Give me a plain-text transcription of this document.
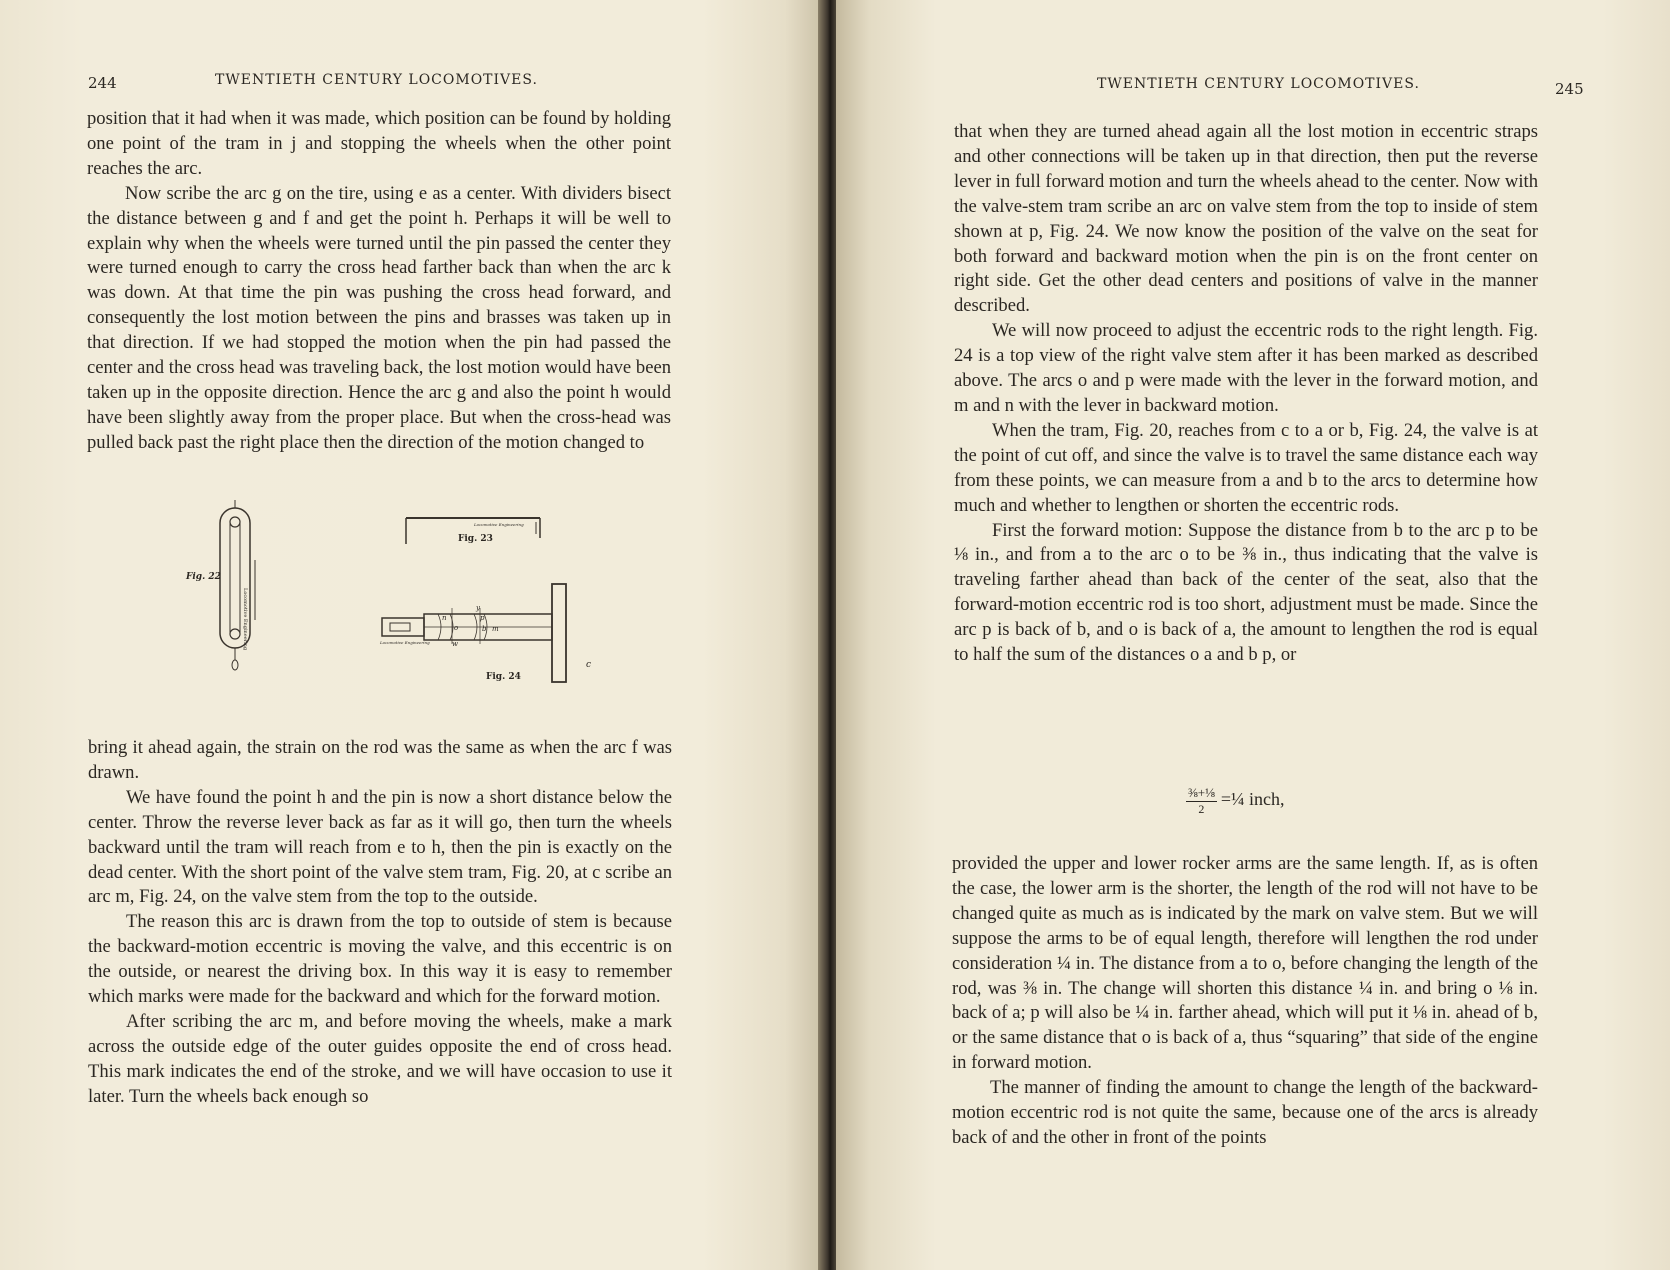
244	TWENTIETH CENTURY LOCOMOTIVES.

position that it had when it was made, which position can be found by holding one point of the tram in j and stopping the wheels when the other point reaches the arc.

Now scribe the arc g on the tire, using e as a center. With dividers bisect the distance between g and f and get the point h. Perhaps it will be well to explain why when the wheels were turned until the pin passed the center they were turned enough to carry the cross head farther back than when the arc k was down. At that time the pin was pushing the cross head forward, and consequently the lost motion between the pins and brasses was taken up in that direction. If we had stopped the motion when the pin had passed the center and the cross head was traveling back, the lost motion would have been taken up in the opposite direction. Hence the arc g and also the point h would have been slightly away from the proper place. But when the cross-head was pulled back past the right place then the direction of the motion changed to

Fig. 22
Locomotive Engineering
Locomotive Engineering
Fig. 23
y
p
b m
n
o
w
c
Locomotive Engineering
Fig. 24

bring it ahead again, the strain on the rod was the same as when the arc f was drawn.

We have found the point h and the pin is now a short distance below the center. Throw the reverse lever back as far as it will go, then turn the wheels backward until the tram will reach from e to h, then the pin is exactly on the dead center. With the short point of the valve stem tram, Fig. 20, at c scribe an arc m, Fig. 24, on the valve stem from the top to the outside.

The reason this arc is drawn from the top to outside of stem is because the backward-motion eccentric is moving the valve, and this eccentric is on the outside, or nearest the driving box. In this way it is easy to remember which marks were made for the backward and which for the forward motion.

After scribing the arc m, and before moving the wheels, make a mark across the outside edge of the outer guides opposite the end of cross head. This mark indicates the end of the stroke, and we will have occasion to use it later. Turn the wheels back enough so

TWENTIETH CENTURY LOCOMOTIVES.	245

that when they are turned ahead again all the lost motion in eccentric straps and other connections will be taken up in that direction, then put the reverse lever in full forward motion and turn the wheels ahead to the center. Now with the valve-stem tram scribe an arc on valve stem from the top to inside of stem shown at p, Fig. 24. We now know the position of the valve on the seat for both forward and backward motion when the pin is on the front center on right side. Get the other dead centers and positions of valve in the manner described.

We will now proceed to adjust the eccentric rods to the right length. Fig. 24 is a top view of the right valve stem after it has been marked as described above. The arcs o and p were made with the lever in the forward motion, and m and n with the lever in backward motion.

When the tram, Fig. 20, reaches from c to a or b, Fig. 24, the valve is at the point of cut off, and since the valve is to travel the same distance each way from these points, we can measure from a and b to the arcs to determine how much and whether to lengthen or shorten the eccentric rods.

First the forward motion: Suppose the distance from b to the arc p to be ⅛ in., and from a to the arc o to be ⅜ in., thus indicating that the valve is traveling farther ahead than back of the center of the seat, also that the forward-motion eccentric rod is too short, adjustment must be made. Since the arc p is back of b, and o is back of a, the amount to lengthen the rod is equal to half the sum of the distances o a and b p, or

$\frac{\text{⅜+⅛}}{2}$ =¼ inch,

provided the upper and lower rocker arms are the same length. If, as is often the case, the lower arm is the shorter, the length of the rod will not have to be changed quite as much as is indicated by the mark on valve stem. But we will suppose the arms to be of equal length, therefore will lengthen the rod under consideration ¼ in. The distance from a to o, before changing the length of the rod, was ⅜ in. The change will shorten this distance ¼ in. and bring o ⅛ in. back of a; p will also be ¼ in. farther ahead, which will put it ⅛ in. ahead of b, or the same distance that o is back of a, thus “squaring” that side of the engine in forward motion.

The manner of finding the amount to change the length of the backward-motion eccentric rod is not quite the same, because one of the arcs is already back of and the other in front of the points
